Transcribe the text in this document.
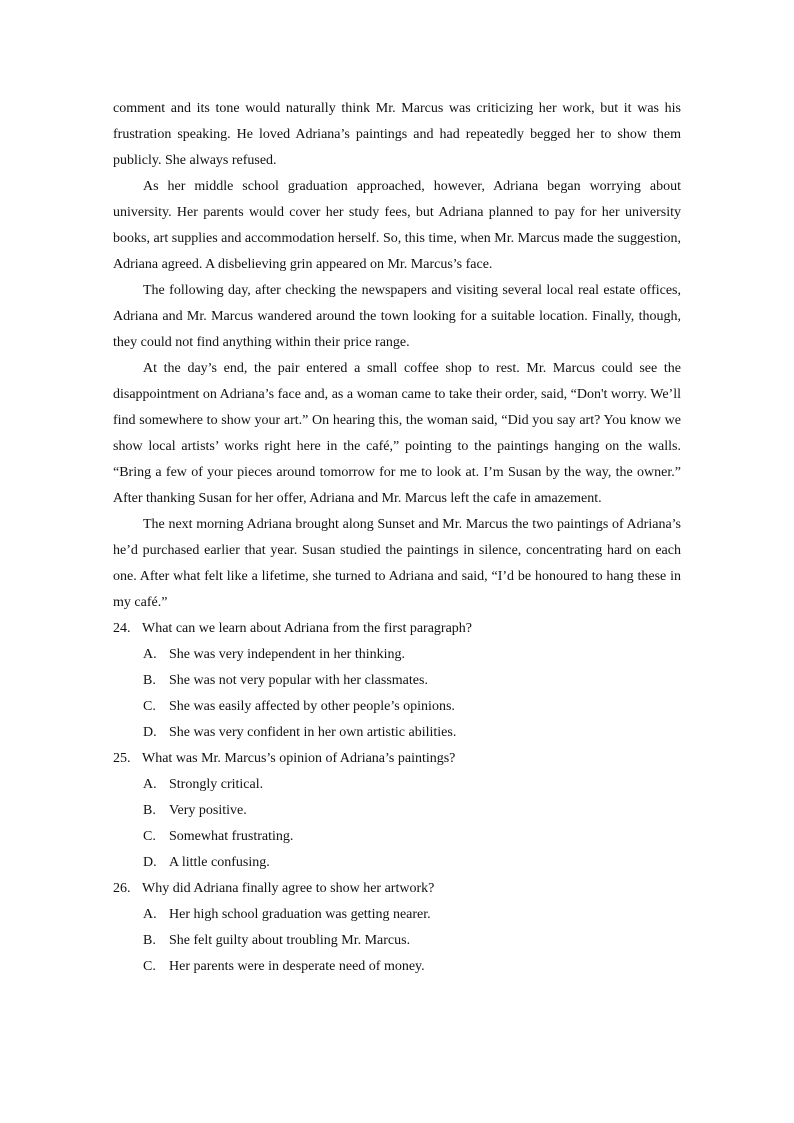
comment and its tone would naturally think Mr. Marcus was criticizing her work, but it was his frustration speaking. He loved Adriana’s paintings and had repeatedly begged her to show them publicly. She always refused.

As her middle school graduation approached, however, Adriana began worrying about university. Her parents would cover her study fees, but Adriana planned to pay for her university books, art supplies and accommodation herself. So, this time, when Mr. Marcus made the suggestion, Adriana agreed. A disbelieving grin appeared on Mr. Marcus’s face.

The following day, after checking the newspapers and visiting several local real estate offices, Adriana and Mr. Marcus wandered around the town looking for a suitable location. Finally, though, they could not find anything within their price range.

At the day’s end, the pair entered a small coffee shop to rest. Mr. Marcus could see the disappointment on Adriana’s face and, as a woman came to take their order, said, “Don't worry. We’ll find somewhere to show your art.” On hearing this, the woman said, “Did you say art? You know we show local artists’ works right here in the café,” pointing to the paintings hanging on the walls. “Bring a few of your pieces around tomorrow for me to look at. I’m Susan by the way, the owner.” After thanking Susan for her offer, Adriana and Mr. Marcus left the cafe in amazement.

The next morning Adriana brought along Sunset and Mr. Marcus the two paintings of Adriana’s he’d purchased earlier that year. Susan studied the paintings in silence, concentrating hard on each one. After what felt like a lifetime, she turned to Adriana and said, “I’d be honoured to hang these in my café.”

24. What can we learn about Adriana from the first paragraph?

A. She was very independent in her thinking.

B. She was not very popular with her classmates.

C. She was easily affected by other people’s opinions.

D. She was very confident in her own artistic abilities.

25. What was Mr. Marcus’s opinion of Adriana’s paintings?

A. Strongly critical.

B. Very positive.

C. Somewhat frustrating.

D. A little confusing.

26. Why did Adriana finally agree to show her artwork?

A. Her high school graduation was getting nearer.

B. She felt guilty about troubling Mr. Marcus.

C. Her parents were in desperate need of money.
